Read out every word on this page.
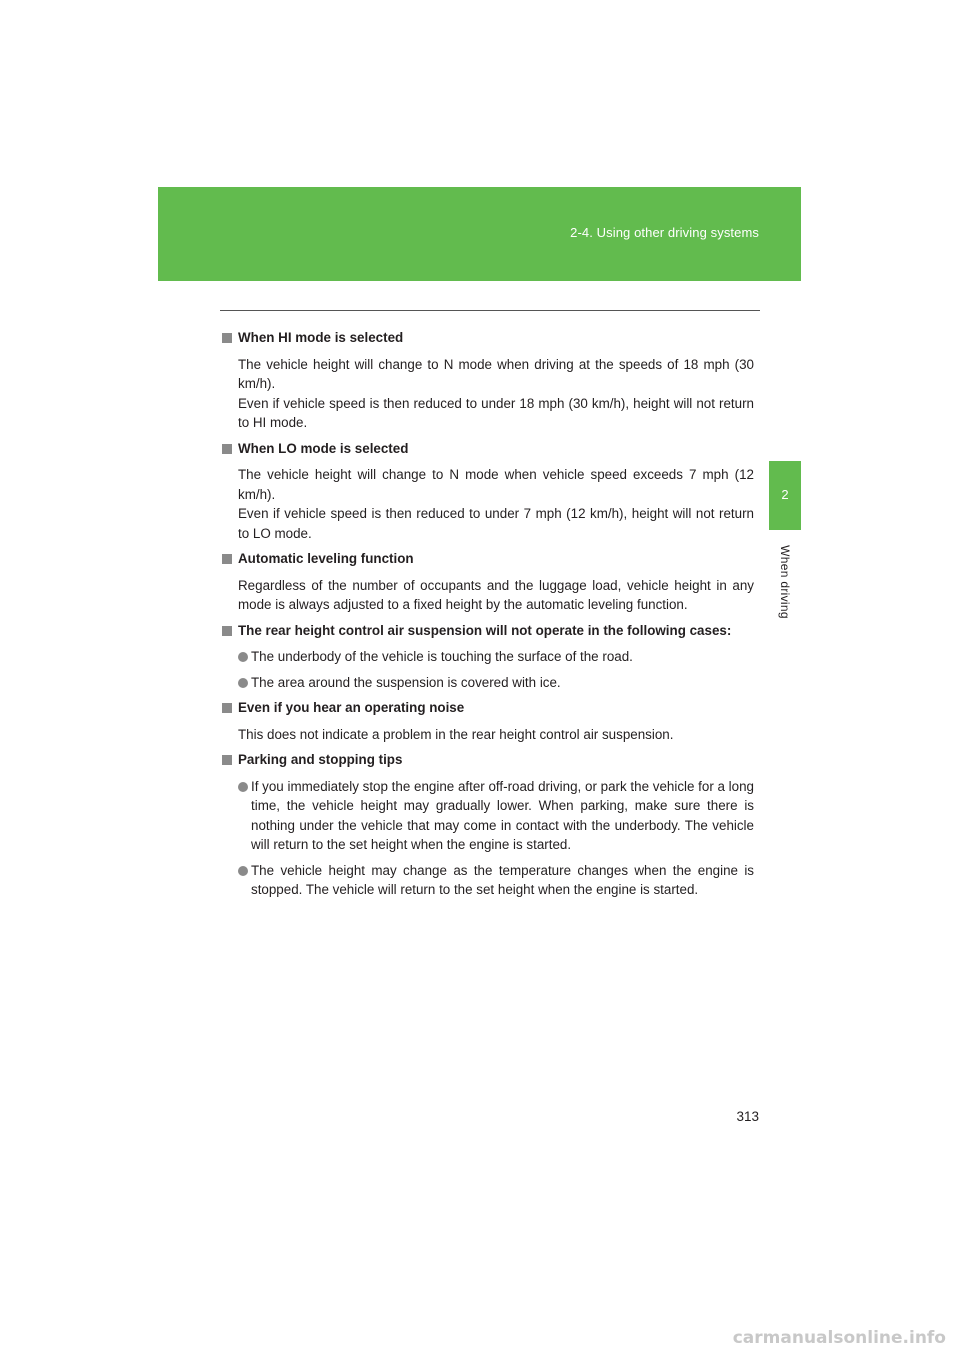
2-4. Using other driving systems
2
When driving
When HI mode is selected

The vehicle height will change to N mode when driving at the speeds of 18 mph (30 km/h).

Even if vehicle speed is then reduced to under 18 mph (30 km/h), height will not return to HI mode.

When LO mode is selected

The vehicle height will change to N mode when vehicle speed exceeds 7 mph (12 km/h).

Even if vehicle speed is then reduced to under 7 mph (12 km/h), height will not return to LO mode.

Automatic leveling function

Regardless of the number of occupants and the luggage load, vehicle height in any mode is always adjusted to a fixed height by the automatic leveling function.

The rear height control air suspension will not operate in the following cases:
The underbody of the vehicle is touching the surface of the road.
The area around the suspension is covered with ice.
Even if you hear an operating noise

This does not indicate a problem in the rear height control air suspension.

Parking and stopping tips
If you immediately stop the engine after off-road driving, or park the vehicle for a long time, the vehicle height may gradually lower. When parking, make sure there is nothing under the vehicle that may come in contact with the underbody. The vehicle will return to the set height when the engine is started.
The vehicle height may change as the temperature changes when the engine is stopped. The vehicle will return to the set height when the engine is started.
313
carmanualsonline.info
